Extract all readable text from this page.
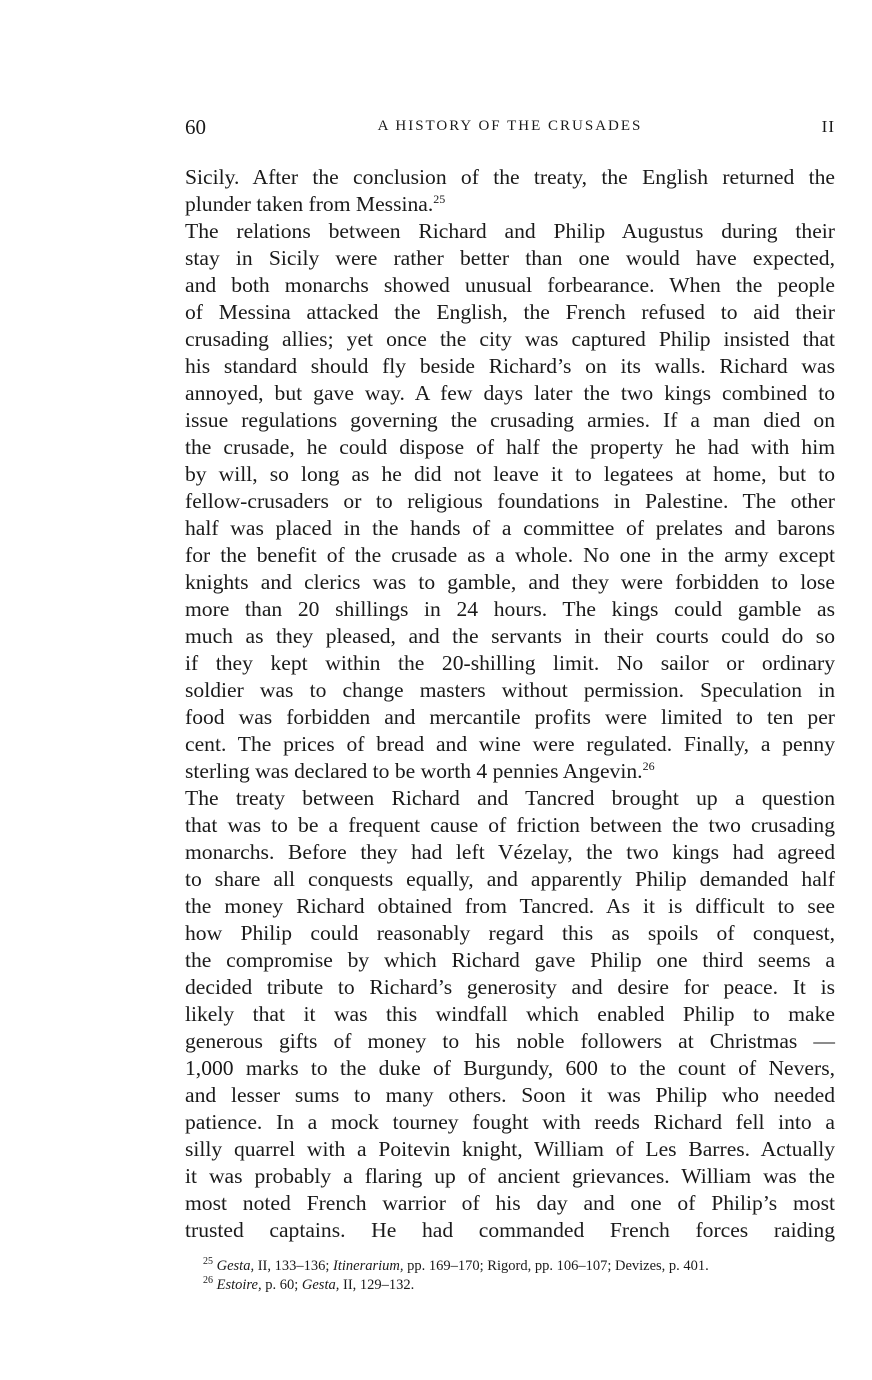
60	A HISTORY OF THE CRUSADES	II
Sicily. After the conclusion of the treaty, the English returned the
plunder taken from Messina.$^{25}$
The relations between Richard and Philip Augustus during their
stay in Sicily were rather better than one would have expected,
and both monarchs showed unusual forbearance. When the people
of Messina attacked the English, the French refused to aid their
crusading allies; yet once the city was captured Philip insisted that
his standard should fly beside Richard’s on its walls. Richard was
annoyed, but gave way. A few days later the two kings combined to
issue regulations governing the crusading armies. If a man died on
the crusade, he could dispose of half the property he had with him
by will, so long as he did not leave it to legatees at home, but to
fellow-crusaders or to religious foundations in Palestine. The other
half was placed in the hands of a committee of prelates and barons
for the benefit of the crusade as a whole. No one in the army except
knights and clerics was to gamble, and they were forbidden to lose
more than 20 shillings in 24 hours. The kings could gamble as
much as they pleased, and the servants in their courts could do so
if they kept within the 20-shilling limit. No sailor or ordinary
soldier was to change masters without permission. Speculation in
food was forbidden and mercantile profits were limited to ten per
cent. The prices of bread and wine were regulated. Finally, a penny
sterling was declared to be worth 4 pennies Angevin.$^{26}$
The treaty between Richard and Tancred brought up a question
that was to be a frequent cause of friction between the two crusading
monarchs. Before they had left Vézelay, the two kings had agreed
to share all conquests equally, and apparently Philip demanded half
the money Richard obtained from Tancred. As it is difficult to see
how Philip could reasonably regard this as spoils of conquest,
the compromise by which Richard gave Philip one third seems a
decided tribute to Richard’s generosity and desire for peace. It is
likely that it was this windfall which enabled Philip to make
generous gifts of money to his noble followers at Christmas —
1,000 marks to the duke of Burgundy, 600 to the count of Nevers,
and lesser sums to many others. Soon it was Philip who needed
patience. In a mock tourney fought with reeds Richard fell into a
silly quarrel with a Poitevin knight, William of Les Barres. Actually
it was probably a flaring up of ancient grievances. William was the
most noted French warrior of his day and one of Philip’s most
trusted captains. He had commanded French forces raiding
$^{25}$ Gesta, II, 133–136; Itinerarium, pp. 169–170; Rigord, pp. 106–107; Devizes, p. 401.
$^{26}$ Estoire, p. 60; Gesta, II, 129–132.
